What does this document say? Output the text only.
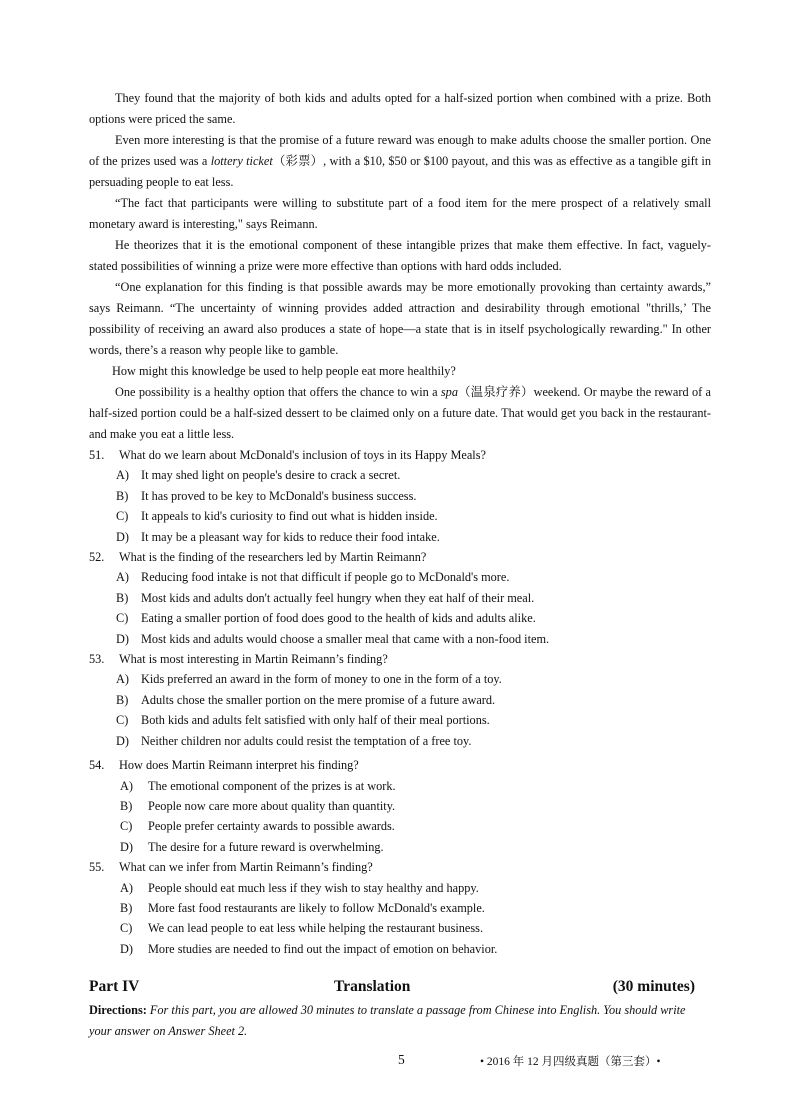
They found that the majority of both kids and adults opted for a half-sized portion when combined with a prize. Both options were priced the same.

Even more interesting is that the promise of a future reward was enough to make adults choose the smaller portion. One of the prizes used was a lottery ticket（彩票）, with a $10, $50 or $100 payout, and this was as effective as a tangible gift in persuading people to eat less.

“The fact that participants were willing to substitute part of a food item for the mere prospect of a relatively small monetary award is interesting," says Reimann.

He theorizes that it is the emotional component of these intangible prizes that make them effective. In fact, vaguely-stated possibilities of winning a prize were more effective than options with hard odds included.

“One explanation for this finding is that possible awards may be more emotionally provoking than certainty awards,” says Reimann. “The uncertainty of winning provides added attraction and desirability through emotional "thrills,’ The possibility of receiving an award also produces a state of hope—a state that is in itself psychologically rewarding." In other words, there’s a reason why people like to gamble.

How might this knowledge be used to help people eat more healthily?

One possibility is a healthy option that offers the chance to win a spa（温泉疗养）weekend. Or maybe the reward of a half-sized portion could be a half-sized dessert to be claimed only on a future date. That would get you back in the restaurant-and make you eat a little less.

51. What do we learn about McDonald's inclusion of toys in its Happy Meals?
A) It may shed light on people's desire to crack a secret.
B) It has proved to be key to McDonald's business success.
C) It appeals to kid's curiosity to find out what is hidden inside.
D) It may be a pleasant way for kids to reduce their food intake.
52. What is the finding of the researchers led by Martin Reimann?
A) Reducing food intake is not that difficult if people go to McDonald's more.
B) Most kids and adults don't actually feel hungry when they eat half of their meal.
C) Eating a smaller portion of food does good to the health of kids and adults alike.
D) Most kids and adults would choose a smaller meal that came with a non-food item.
53. What is most interesting in Martin Reimann’s finding?
A) Kids preferred an award in the form of money to one in the form of a toy.
B) Adults chose the smaller portion on the mere promise of a future award.
C) Both kids and adults felt satisfied with only half of their meal portions.
D) Neither children nor adults could resist the temptation of a free toy.
54. How does Martin Reimann interpret his finding?
A) The emotional component of the prizes is at work.
B) People now care more about quality than quantity.
C) People prefer certainty awards to possible awards.
D) The desire for a future reward is overwhelming.
55. What can we infer from Martin Reimann’s finding?
A) People should eat much less if they wish to stay healthy and happy.
B) More fast food restaurants are likely to follow McDonald's example.
C) We can lead people to eat less while helping the restaurant business.
D) More studies are needed to find out the impact of emotion on behavior.
Part IV	Translation	(30 minutes)
Directions: For this part, you are allowed 30 minutes to translate a passage from Chinese into English. You should write your answer on Answer Sheet 2.
5	• 2016 年 12 月四级真题（第三套）•
